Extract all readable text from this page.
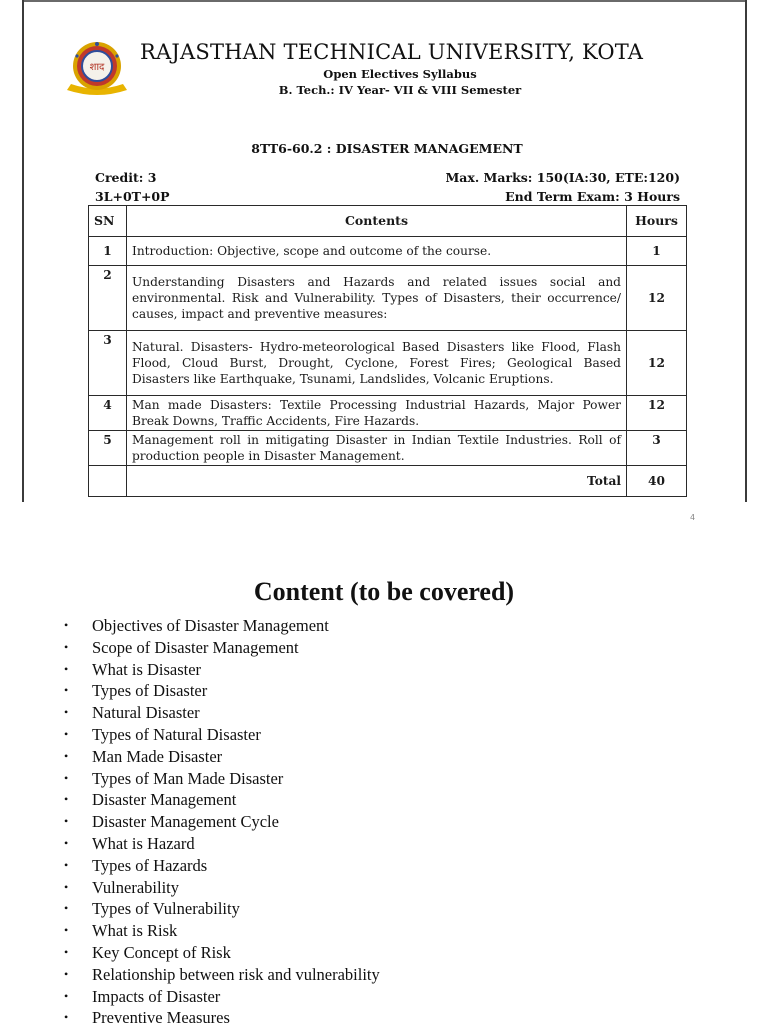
शाद
RAJASTHAN TECHNICAL UNIVERSITY, KOTA
Open Electives Syllabus
B. Tech.: IV Year- VII & VIII Semester
8TT6-60.2 : DISASTER MANAGEMENT
Credit: 3
3L+0T+0P
Max. Marks: 150(IA:30, ETE:120)
End Term Exam: 3 Hours
SN	Contents	Hours
1	Introduction: Objective, scope and outcome of the course.	1
2	Understanding Disasters and Hazards and related issues social and environmental. Risk and Vulnerability. Types of Disasters, their occurrence/ causes, impact and preventive measures:	12
3	Natural. Disasters- Hydro-meteorological Based Disasters like Flood, Flash Flood, Cloud Burst, Drought, Cyclone, Forest Fires; Geological Based Disasters like Earthquake, Tsunami, Landslides, Volcanic Eruptions.	12
4	Man made Disasters: Textile Processing Industrial Hazards, Major Power Break Downs, Traffic Accidents, Fire Hazards.	12
5	Management roll in mitigating Disaster in Indian Textile Industries. Roll of production people in Disaster Management.	3
	Total	40
4
Content (to be covered)
• Objectives of Disaster Management
• Scope of Disaster Management
• What is Disaster
• Types of Disaster
• Natural Disaster
• Types of Natural Disaster
• Man Made Disaster
• Types of Man Made Disaster
• Disaster Management
• Disaster Management Cycle
• What is Hazard
• Types of Hazards
• Vulnerability
• Types of Vulnerability
• What is Risk
• Key Concept of Risk
• Relationship between risk and vulnerability
• Impacts of Disaster
• Preventive Measures
